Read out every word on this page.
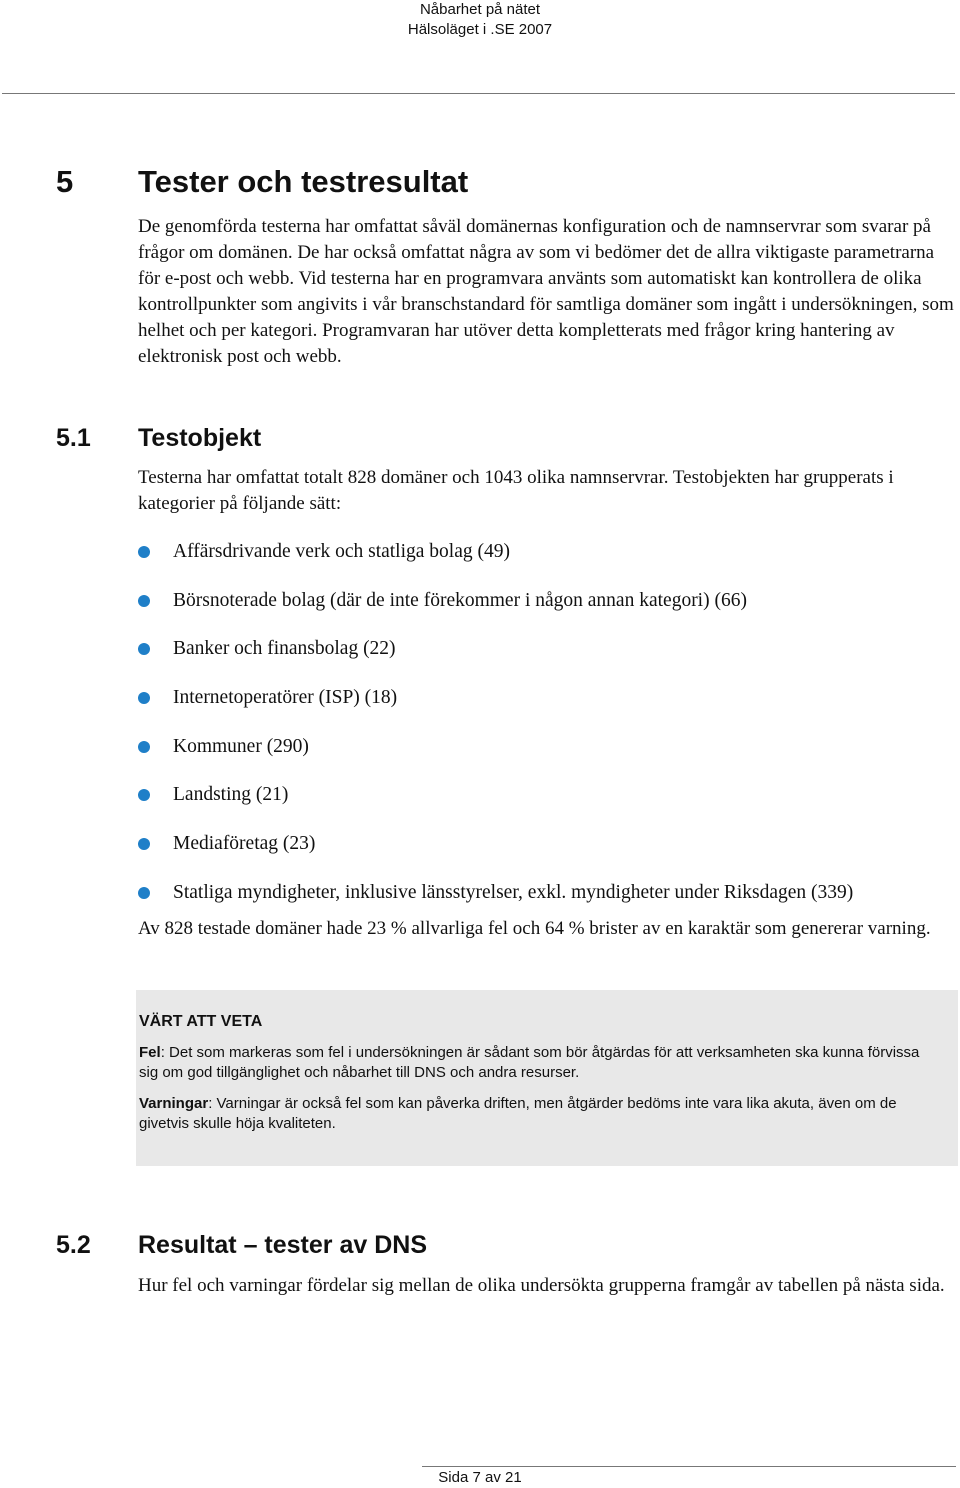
Nåbarhet på nätet
Hälsoläget i .SE 2007
5 Tester och testresultat

De genomförda testerna har omfattat såväl domänernas konfiguration och de namnservrar som svarar på frågor om domänen. De har också omfattat några av som vi bedömer det de allra viktigaste parametrarna för e-post och webb. Vid testerna har en programvara använts som automatiskt kan kontrollera de olika kontrollpunkter som angivits i vår branschstandard för samtliga domäner som ingått i undersökningen, som helhet och per kategori. Programvaran har utöver detta kompletterats med frågor kring hantering av elektronisk post och webb.

5.1 Testobjekt

Testerna har omfattat totalt 828 domäner och 1043 olika namnservrar. Testobjekten har grupperats i kategorier på följande sätt:

Affärsdrivande verk och statliga bolag (49)
Börsnoterade bolag (där de inte förekommer i någon annan kategori) (66)
Banker och finansbolag (22)
Internetoperatörer (ISP) (18)
Kommuner (290)
Landsting (21)
Mediaföretag (23)
Statliga myndigheter, inklusive länsstyrelser, exkl. myndigheter under Riksdagen (339)

Av 828 testade domäner hade 23 % allvarliga fel och 64 % brister av en karaktär som genererar varning.

VÄRT ATT VETA

Fel: Det som markeras som fel i undersökningen är sådant som bör åtgärdas för att verksamheten ska kunna förvissa sig om god tillgänglighet och nåbarhet till DNS och andra resurser.

Varningar: Varningar är också fel som kan påverka driften, men åtgärder bedöms inte vara lika akuta, även om de givetvis skulle höja kvaliteten.

5.2 Resultat – tester av DNS

Hur fel och varningar fördelar sig mellan de olika undersökta grupperna framgår av tabellen på nästa sida.

Sida 7 av 21
